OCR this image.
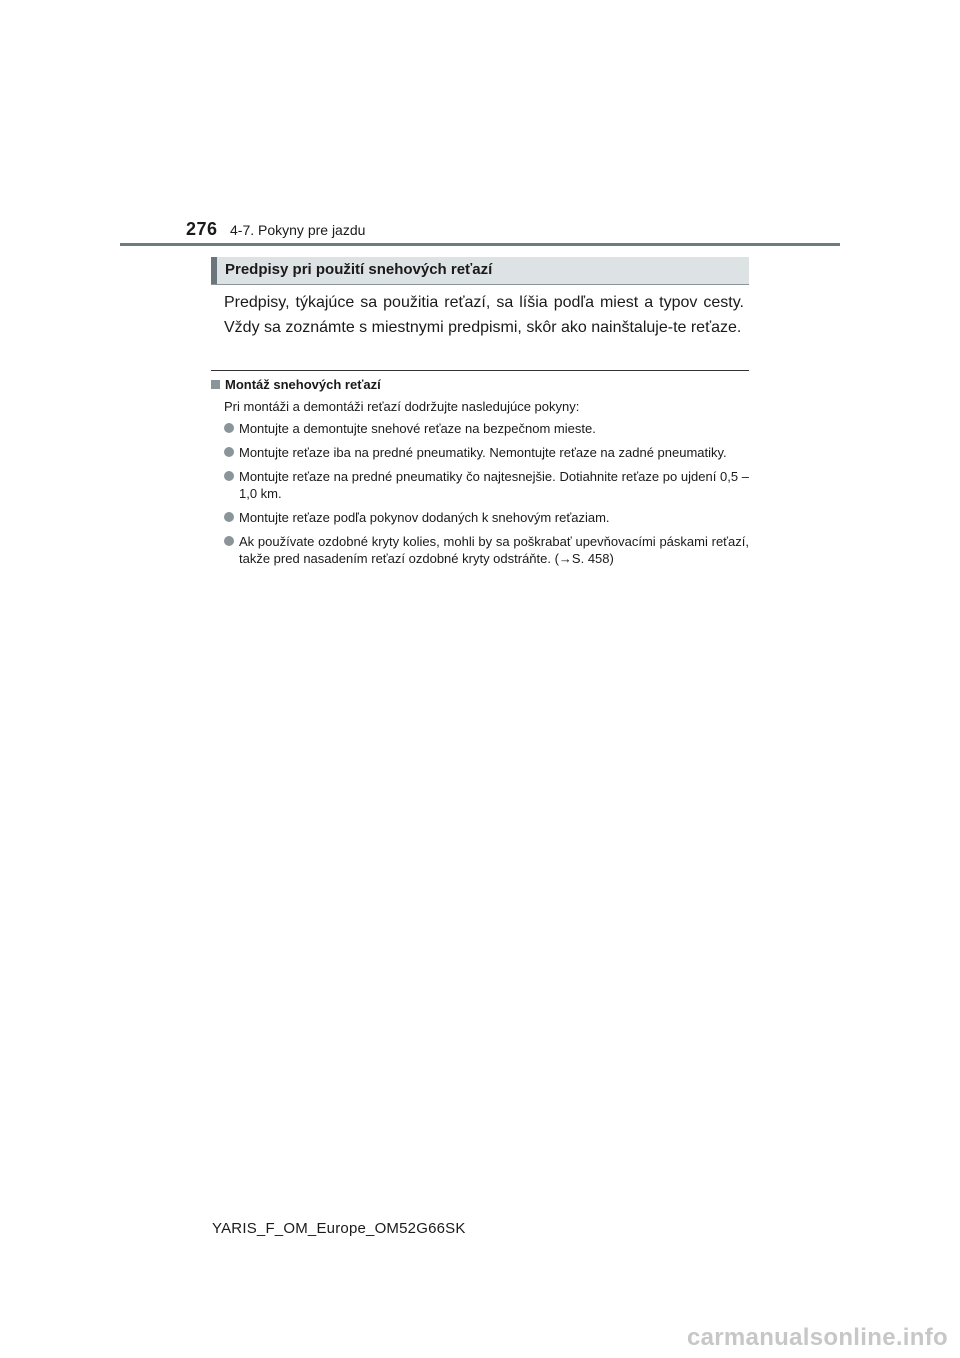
276 4-7. Pokyny pre jazdu
Predpisy pri použití snehových reťazí
Predpisy, týkajúce sa použitia reťazí, sa líšia podľa miest a typov cesty. Vždy sa zoznámte s miestnymi predpismi, skôr ako nainštaluje-te reťaze.
Montáž snehových reťazí
Pri montáži a demontáži reťazí dodržujte nasledujúce pokyny:
Montujte a demontujte snehové reťaze na bezpečnom mieste.
Montujte reťaze iba na predné pneumatiky. Nemontujte reťaze na zadné pneumatiky.
Montujte reťaze na predné pneumatiky čo najtesnejšie. Dotiahnite reťaze po ujdení 0,5 – 1,0 km.
Montujte reťaze podľa pokynov dodaných k snehovým reťaziam.
Ak používate ozdobné kryty kolies, mohli by sa poškrabať upevňovacími páskami reťazí, takže pred nasadením reťazí ozdobné kryty odstráňte. (→S. 458)
YARIS_F_OM_Europe_OM52G66SK
carmanualsonline.info
